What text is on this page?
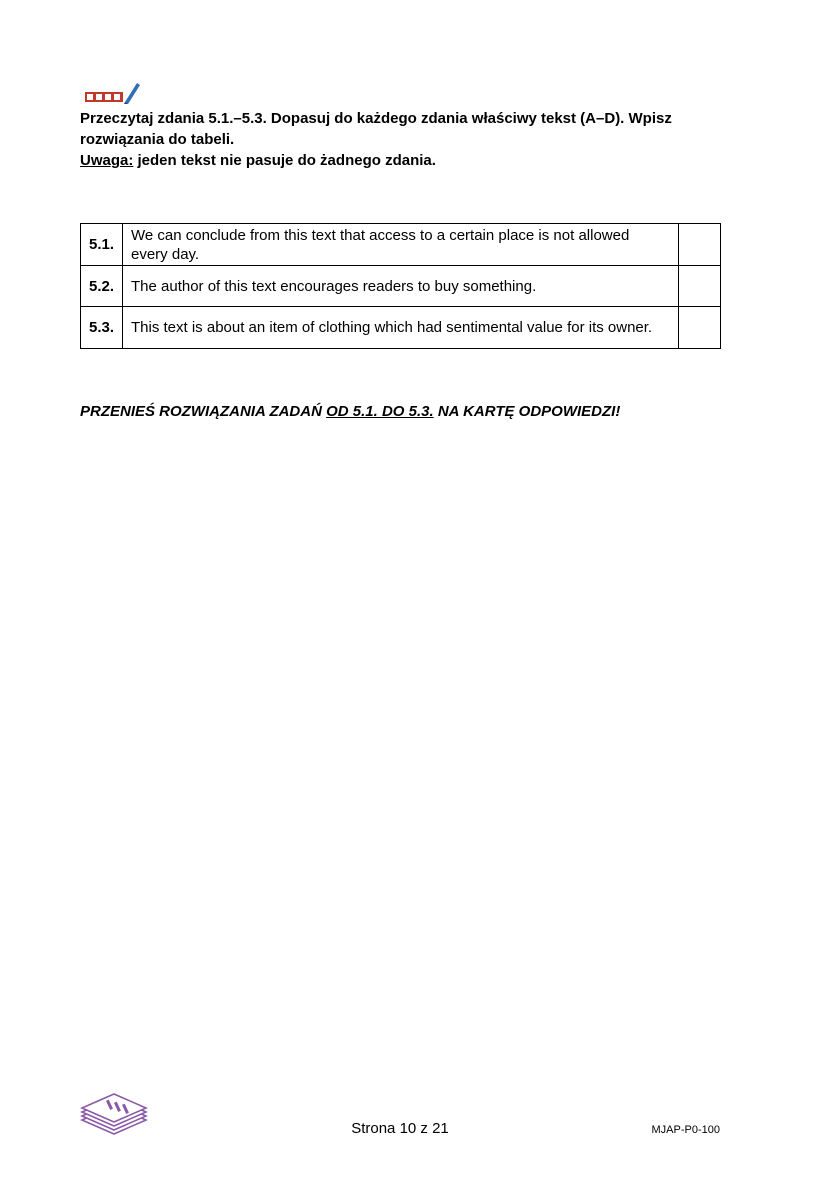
Przeczytaj zdania 5.1.–5.3. Dopasuj do każdego zdania właściwy tekst (A–D). Wpisz rozwiązania do tabeli.

Uwaga: jeden tekst nie pasuje do żadnego zdania.

5.1.	We can conclude from this text that access to a certain place is not allowed every day.	
5.2.	The author of this text encourages readers to buy something.	
5.3.	This text is about an item of clothing which had sentimental value for its owner.	
PRZENIEŚ ROZWIĄZANIA ZADAŃ OD 5.1. DO 5.3. NA KARTĘ ODPOWIEDZI!
Strona 10 z 21	MJAP-P0-100
